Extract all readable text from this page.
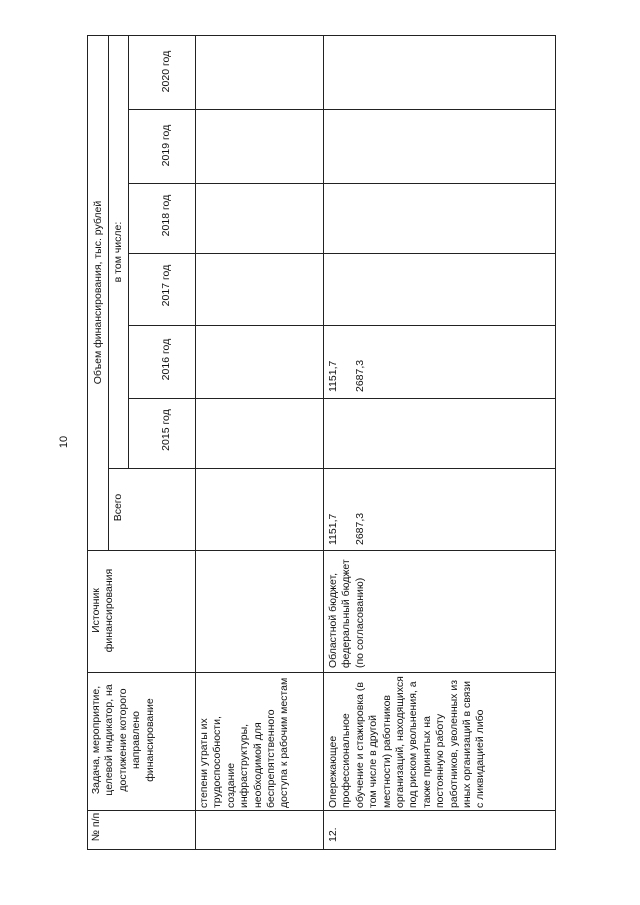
10
№ п/п
Задача, мероприятие, целевой индикатор, на достижение которого направлено финансирование
Источник финансирования
Объем финансирования, тыс. рублей
Всего
в том числе:
2015 год
2016 год
2017 год
2018 год
2019 год
2020 год
степени утраты их трудоспособности, создание инфраструктуры, необходимой для беспрепятственного доступа к рабочим местам
12.
Опережающее профессиональное обучение и стажировка (в том числе в другой местности) работников организаций, находящихся под риском увольнения, а также принятых на постоянную работу работников, уволенных из иных организаций в связи с ликвидацией либо
Областной бюджет, федеральный бюджет
(по согласованию)
1151,7

2687,3
1151,7

2687,3
